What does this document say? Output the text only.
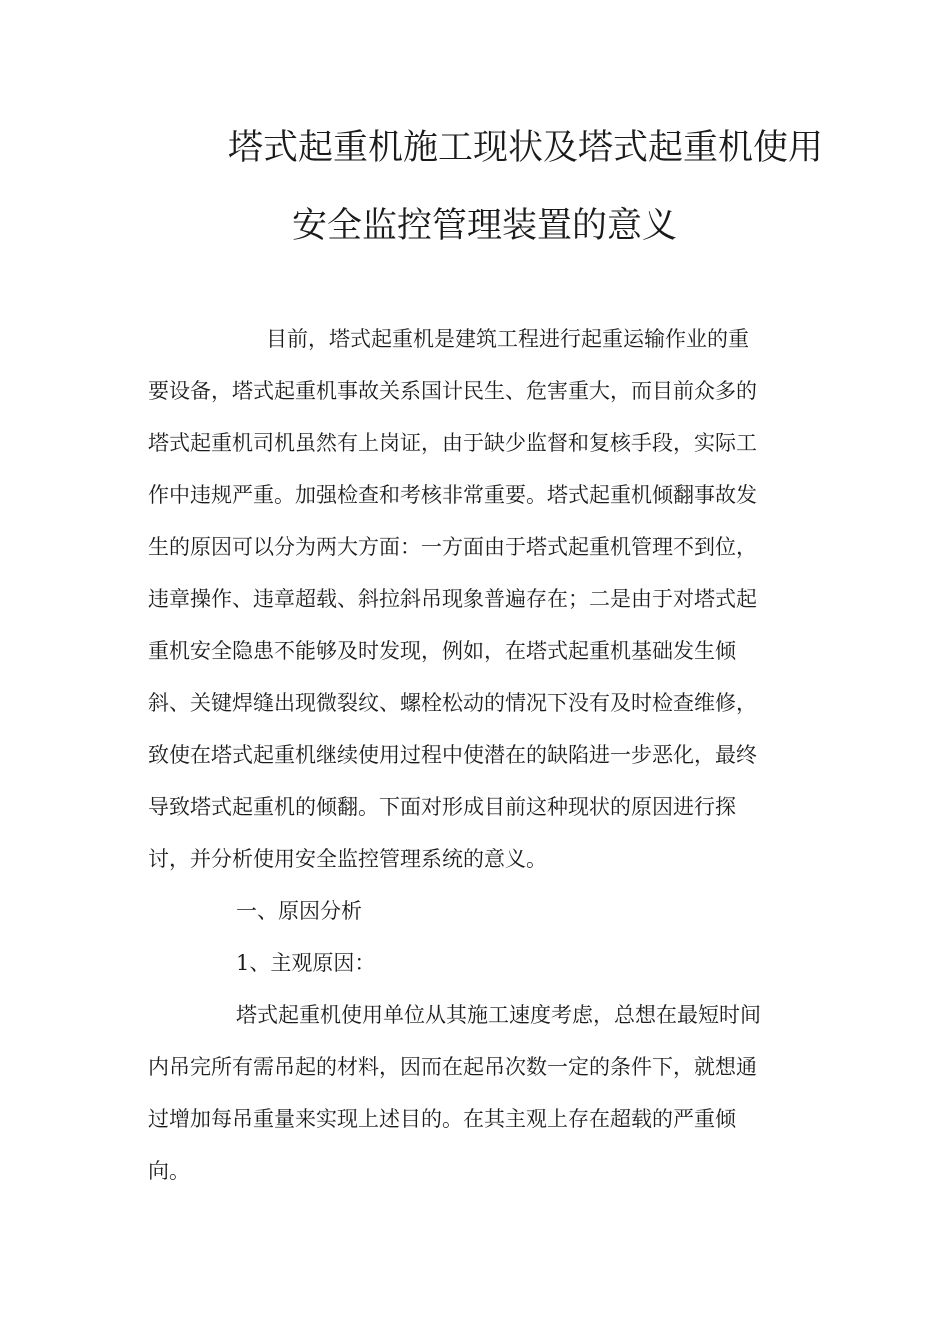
塔式起重机施工现状及塔式起重机使用
安全监控管理装置的意义
目前，塔式起重机是建筑工程进行起重运输作业的重
要设备，塔式起重机事故关系国计民生、危害重大，而目前众多的
塔式起重机司机虽然有上岗证，由于缺少监督和复核手段，实际工
作中违规严重。加强检查和考核非常重要。塔式起重机倾翻事故发
生的原因可以分为两大方面：一方面由于塔式起重机管理不到位，
违章操作、违章超载、斜拉斜吊现象普遍存在；二是由于对塔式起
重机安全隐患不能够及时发现，例如，在塔式起重机基础发生倾
斜、关键焊缝出现微裂纹、螺栓松动的情况下没有及时检查维修，
致使在塔式起重机继续使用过程中使潜在的缺陷进一步恶化，最终
导致塔式起重机的倾翻。下面对形成目前这种现状的原因进行探
讨，并分析使用安全监控管理系统的意义。
一、原因分析
1、主观原因：
塔式起重机使用单位从其施工速度考虑，总想在最短时间
内吊完所有需吊起的材料，因而在起吊次数一定的条件下，就想通
过增加每吊重量来实现上述目的。在其主观上存在超载的严重倾
向。
